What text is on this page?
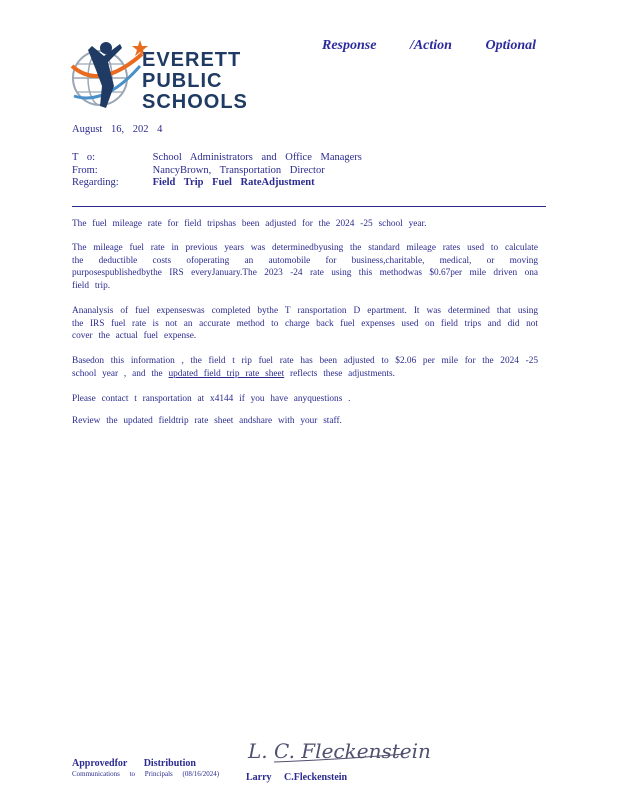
EVERETT
PUBLIC
SCHOOLS
Response /Action Optional
August 16, 202 4
T o:	School Administrators and Office Managers
From:	NancyBrown, Transportation Director
Regarding:	Field Trip Fuel RateAdjustment
The fuel mileage rate for field tripshas been adjusted for the 2024 -25 school year.
The mileage fuel rate in previous years was determinedbyusing the standard mileage rates used to calculate the deductible costs ofoperating an automobile for business,charitable, medical, or moving purposespublishedbythe IRS everyJanuary.The 2023 -24 rate using this methodwas $0.67per mile driven ona field trip.
Ananalysis of fuel expenseswas completed bythe T ransportation D epartment. It was determined that using the IRS fuel rate is not an accurate method to charge back fuel expenses used on field trips and did not cover the actual fuel expense.
Basedon this information , the field t rip fuel rate has been adjusted to $2.06 per mile for the 2024 -25 school year , and the updated field trip rate sheet reflects these adjustments.
Please contact t ransportation at x4144 if you have anyquestions .
Review the updated fieldtrip rate sheet andshare with your staff.
Approvedfor Distribution
Communications to Principals (08/16/2024)
L. C. Fleckenstein
Larry C.Fleckenstein
